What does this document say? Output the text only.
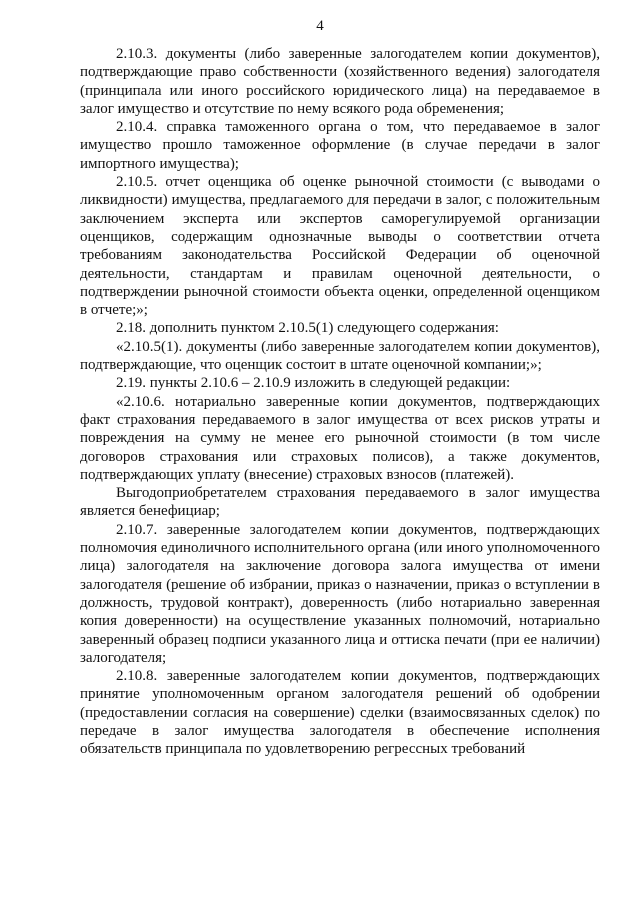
4

2.10.3. документы (либо заверенные залогодателем копии документов), подтверждающие право собственности (хозяйственного ведения) залогодателя (принципала или иного российского юридического лица) на передаваемое в залог имущество и отсутствие по нему всякого рода обременения;

2.10.4. справка таможенного органа о том, что передаваемое в залог имущество прошло таможенное оформление (в случае передачи в залог импортного имущества);

2.10.5. отчет оценщика об оценке рыночной стоимости (с выводами о ликвидности) имущества, предлагаемого для передачи в залог, с положительным заключением эксперта или экспертов саморегулируемой организации оценщиков, содержащим однозначные выводы о соответствии отчета требованиям законодательства Российской Федерации об оценочной деятельности, стандартам и правилам оценочной деятельности, о подтверждении рыночной стоимости объекта оценки, определенной оценщиком в отчете;»;

2.18. дополнить пунктом 2.10.5(1) следующего содержания:

«2.10.5(1). документы (либо заверенные залогодателем копии документов), подтверждающие, что оценщик состоит в штате оценочной компании;»;

2.19. пункты 2.10.6 – 2.10.9 изложить в следующей редакции:

«2.10.6. нотариально заверенные копии документов, подтверждающих факт страхования передаваемого в залог имущества от всех рисков утраты и повреждения на сумму не менее его рыночной стоимости (в том числе договоров страхования или страховых полисов), а также документов, подтверждающих уплату (внесение) страховых взносов (платежей).

Выгодоприобретателем страхования передаваемого в залог имущества является бенефициар;

2.10.7. заверенные залогодателем копии документов, подтверждающих полномочия единоличного исполнительного органа (или иного уполномоченного лица) залогодателя на заключение договора залога имущества от имени залогодателя (решение об избрании, приказ о назначении, приказ о вступлении в должность, трудовой контракт), доверенность (либо нотариально заверенная копия доверенности) на осуществление указанных полномочий, нотариально заверенный образец подписи указанного лица и оттиска печати (при ее наличии) залогодателя;

2.10.8. заверенные залогодателем копии документов, подтверждающих принятие уполномоченным органом залогодателя решений об одобрении (предоставлении согласия на совершение) сделки (взаимосвязанных сделок) по передаче в залог имущества залогодателя в обеспечение исполнения обязательств принципала по удовлетворению регрессных требований
